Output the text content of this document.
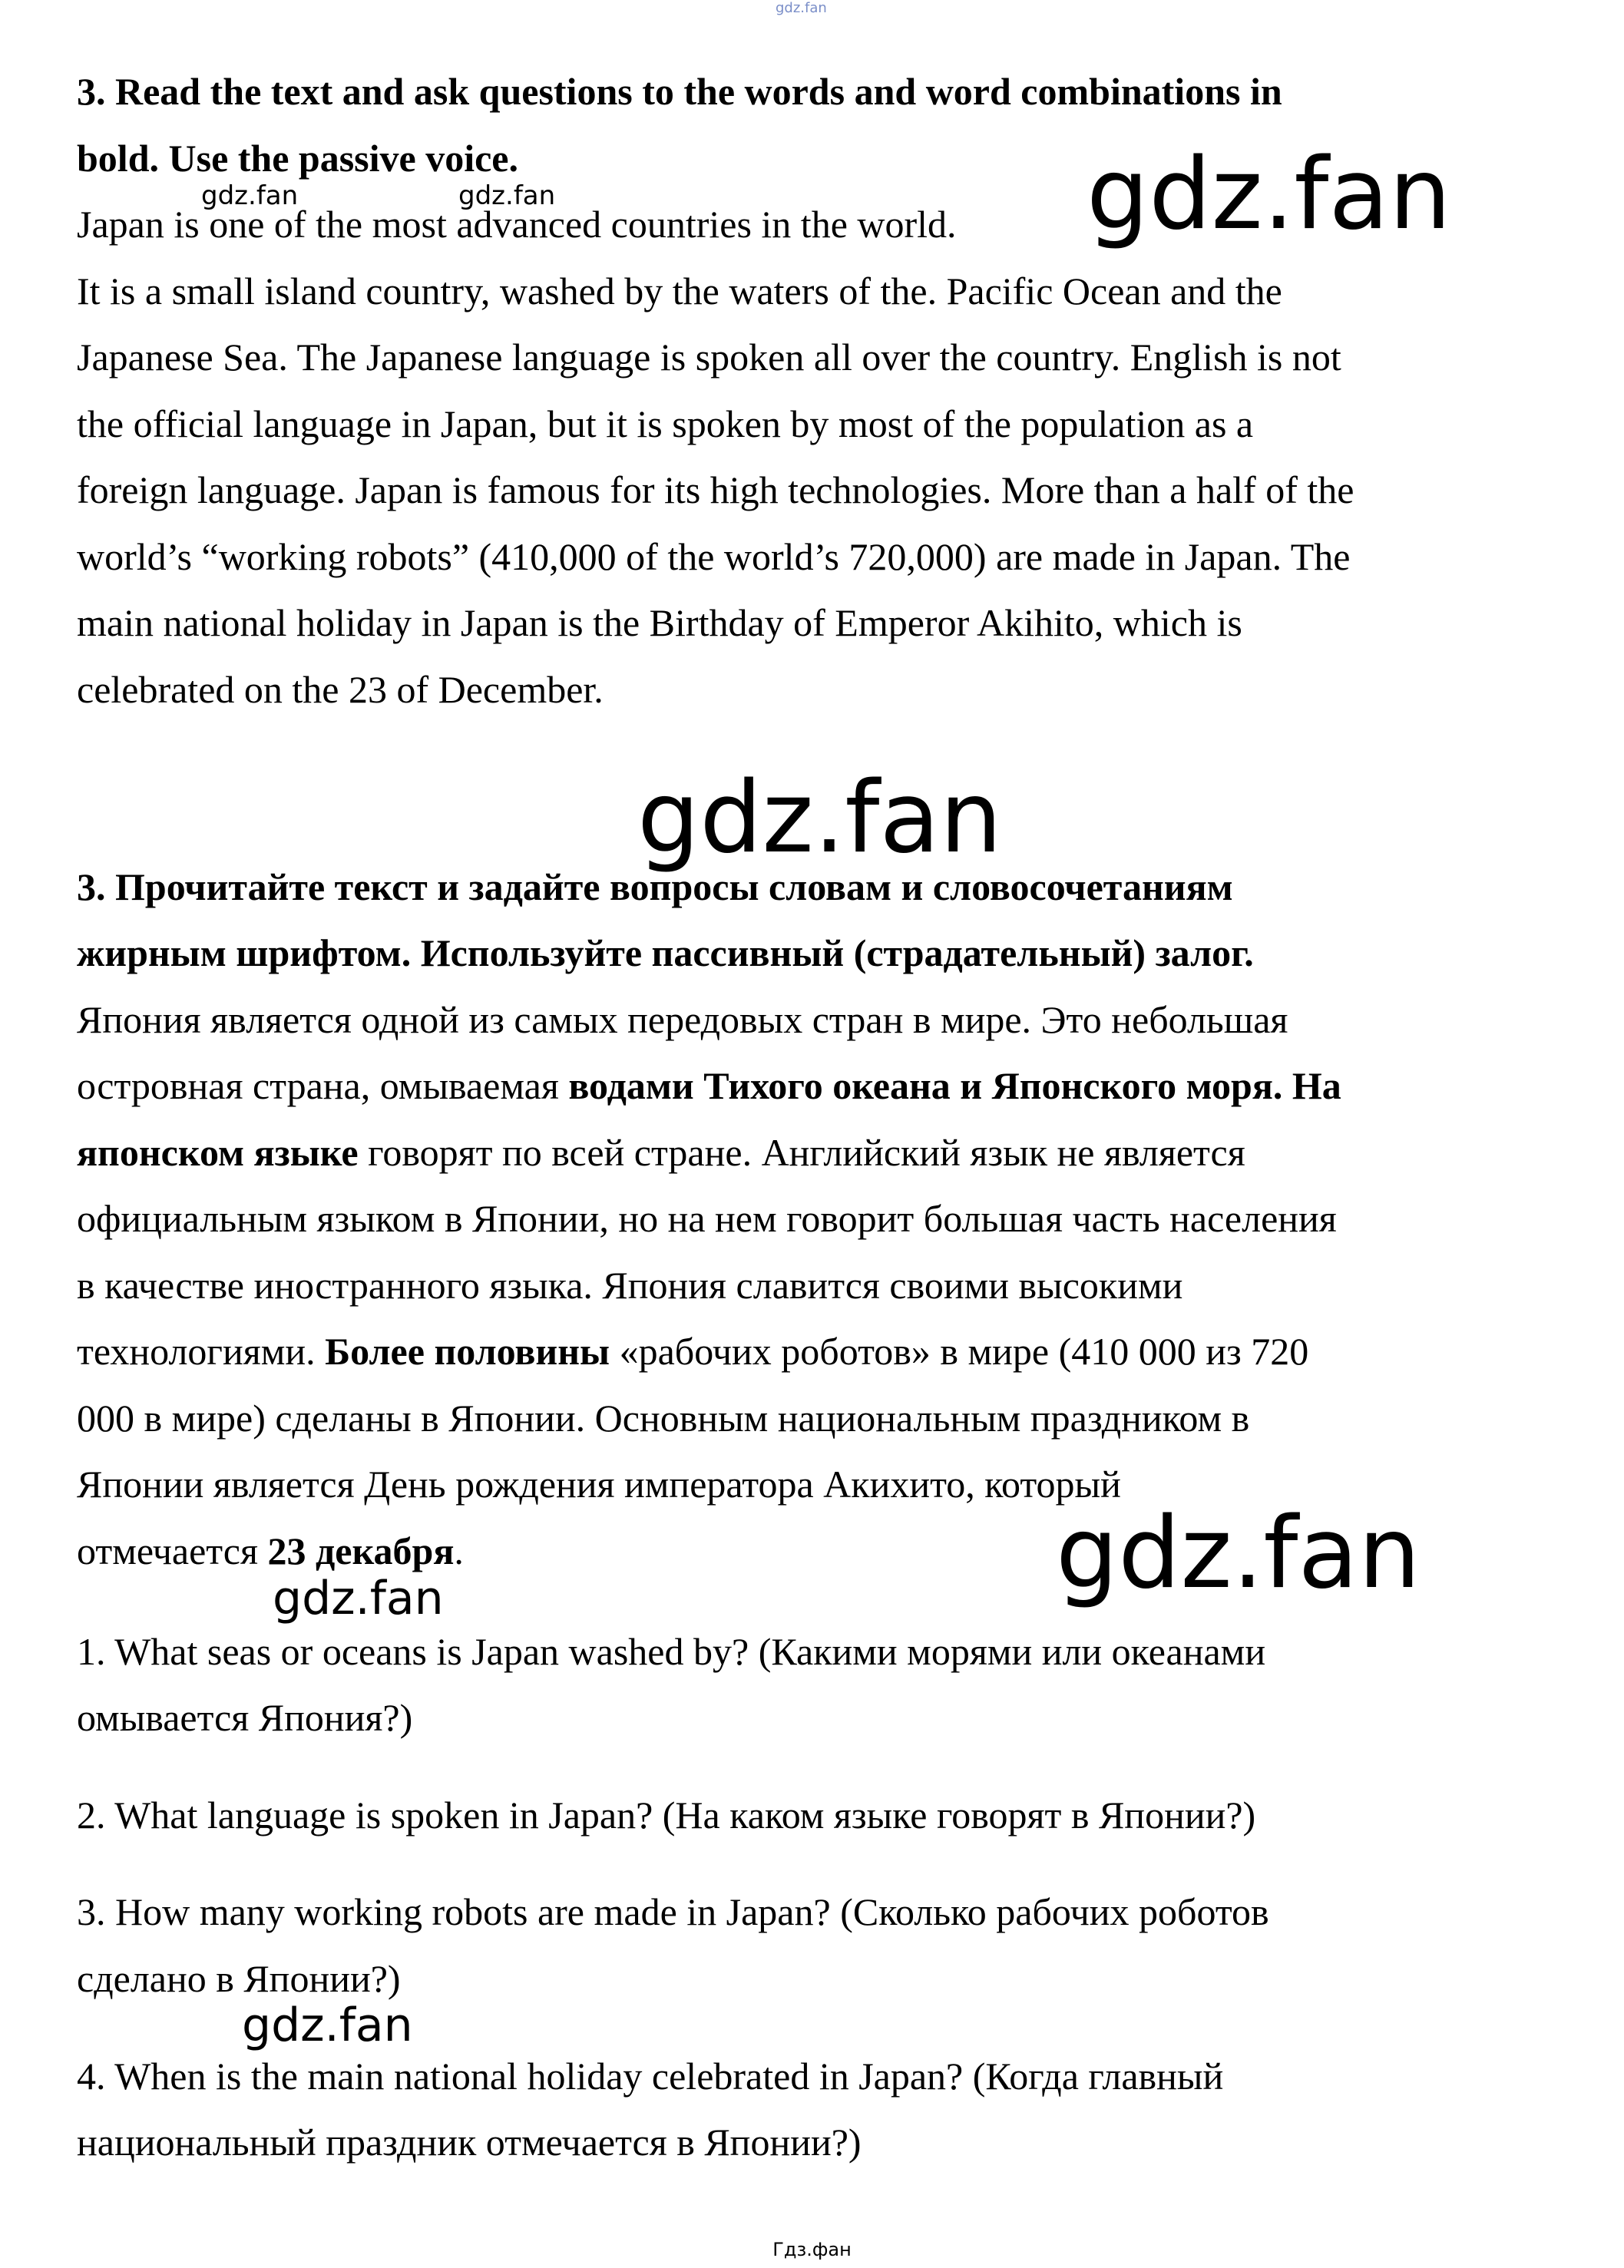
gdz.fan
3. Read the text and ask questions to the words and word combinations in
bold. Use the passive voice.
Japan is one of the most advanced countries in the world.
It is a small island country, washed by the waters of the. Pacific Ocean and the
Japanese Sea. The Japanese language is spoken all over the country. English is not
the official language in Japan, but it is spoken by most of the population as a
foreign language. Japan is famous for its high technologies. More than a half of the
world’s “working robots” (410,000 of the world’s 720,000) are made in Japan. The
main national holiday in Japan is the Birthday of Emperor Akihito, which is
celebrated on the 23 of December.
gdz.fan	gdz.fan	gdz.fan
gdz.fan
3. Прочитайте текст и задайте вопросы словам и словосочетаниям
жирным шрифтом. Используйте пассивный (страдательный) залог.
Япония является одной из самых передовых стран в мире. Это небольшая
островная страна, омываемая водами Тихого океана и Японского моря. На
японском языке говорят по всей стране. Английский язык не является
официальным языком в Японии, но на нем говорит большая часть населения
в качестве иностранного языка. Япония славится своими высокими
технологиями. Более половины «рабочих роботов» в мире (410 000 из 720
000 в мире) сделаны в Японии. Основным национальным праздником в
Японии является День рождения императора Акихито, который
отмечается 23 декабря.	gdz.fan
gdz.fan
1. What seas or oceans is Japan washed by? (Какими морями или океанами
омывается Япония?)
2. What language is spoken in Japan? (На каком языке говорят в Японии?)
3. How many working robots are made in Japan? (Сколько рабочих роботов
сделано в Японии?)
4. When is the main national holiday celebrated in Japan? (Когда главный
национальный праздник отмечается в Японии?)
gdz.fan
Гдз.фан
